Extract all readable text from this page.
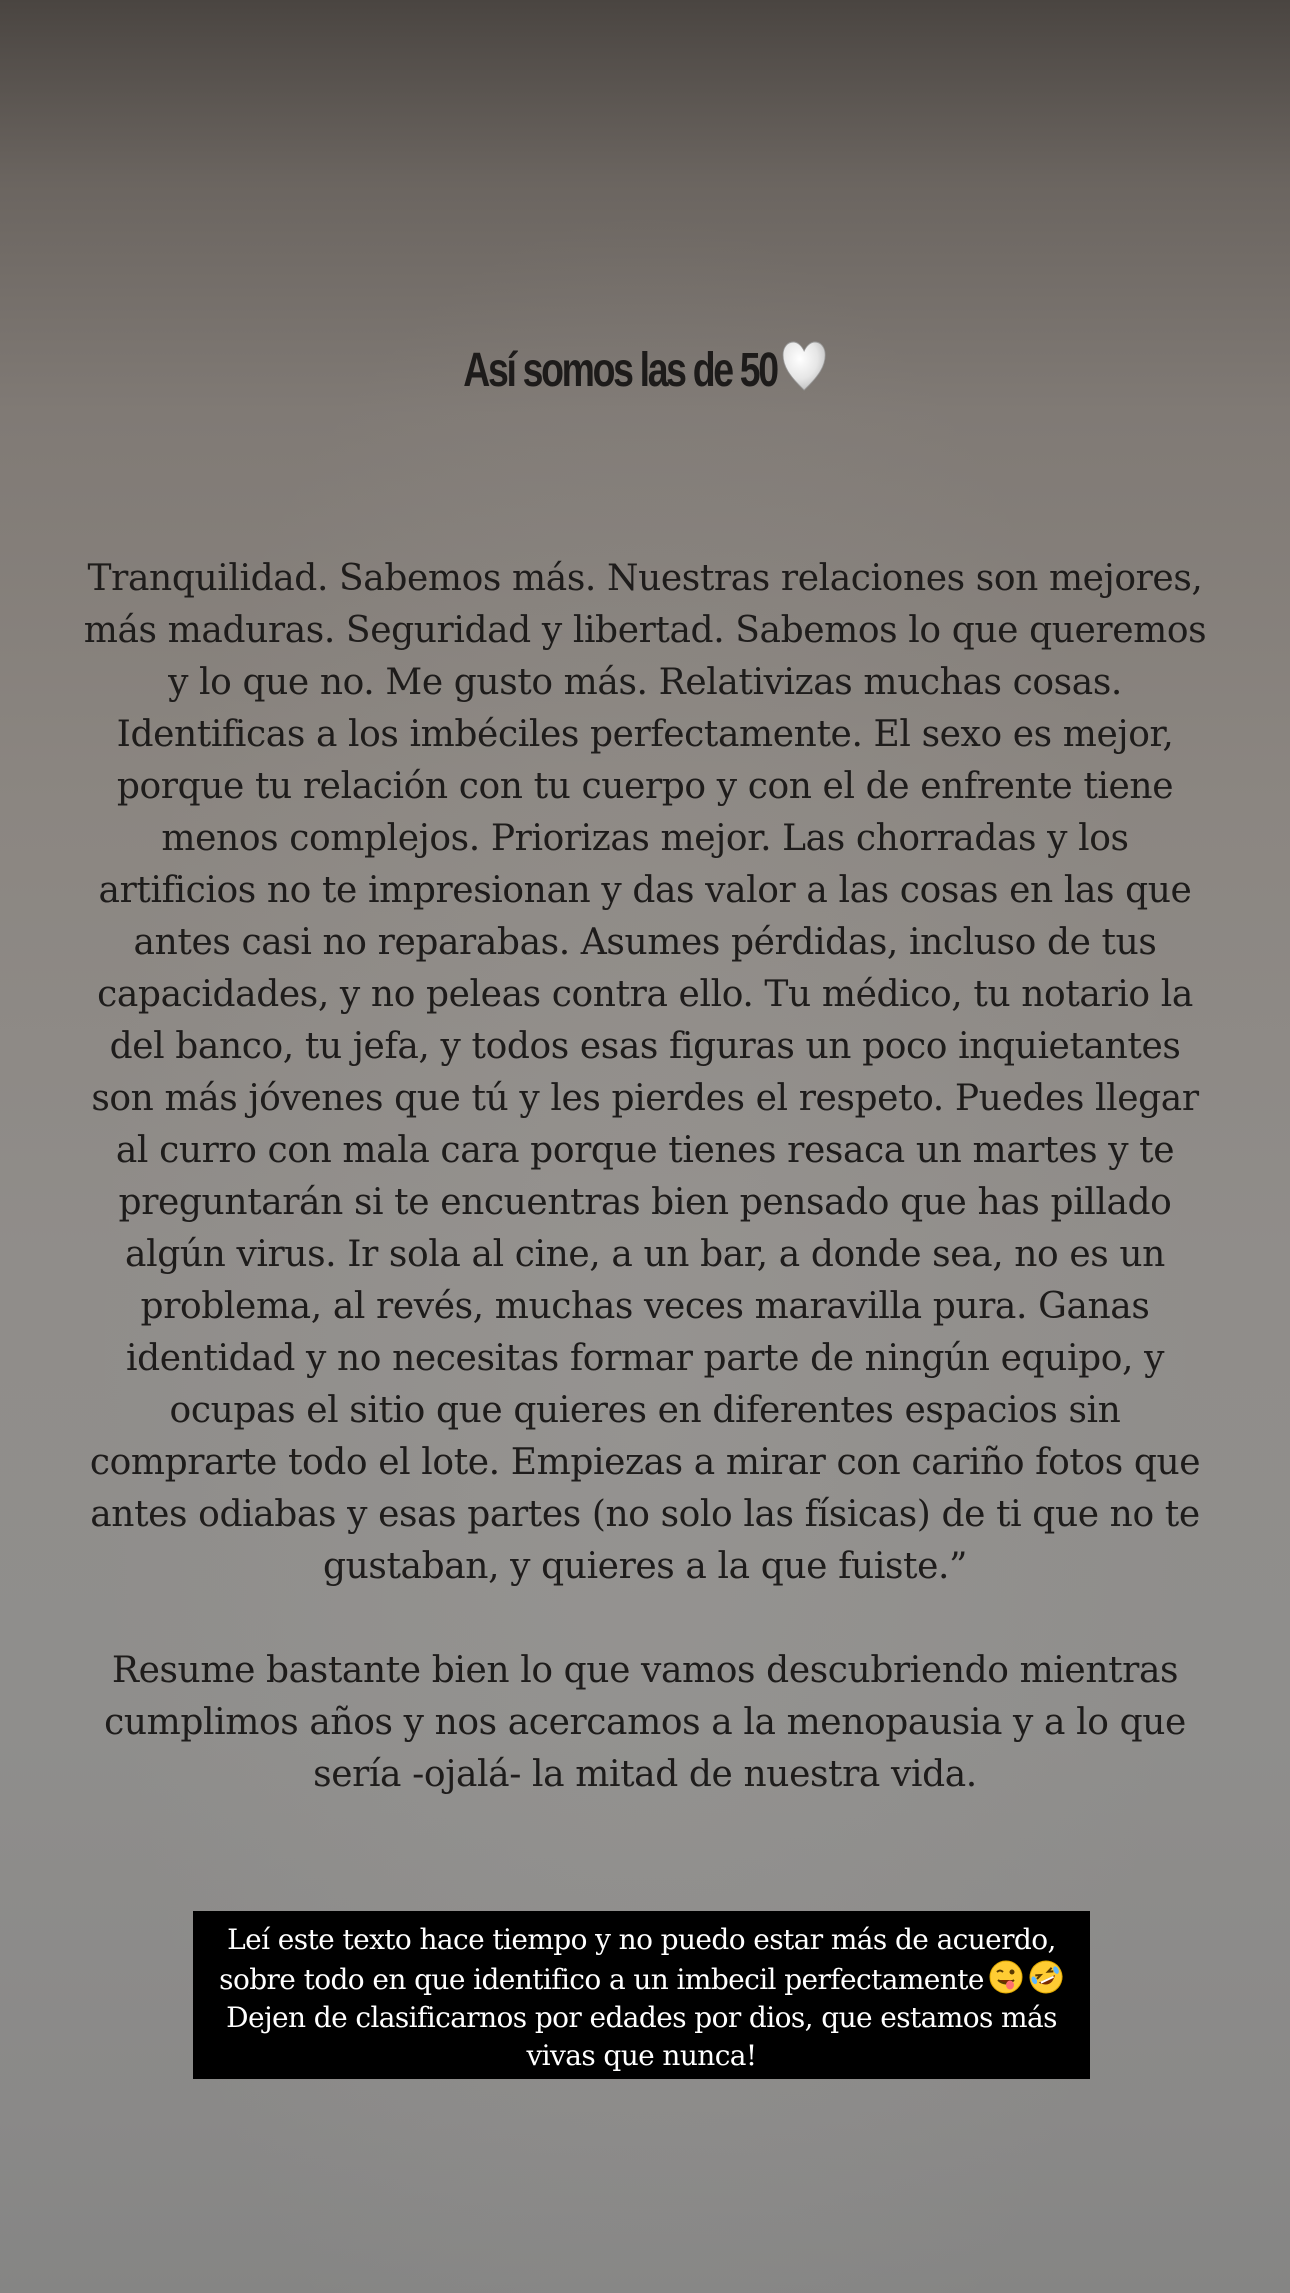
Así somos las de 50
Tranquilidad. Sabemos más. Nuestras relaciones son mejores,
más maduras. Seguridad y libertad. Sabemos lo que queremos
y lo que no. Me gusto más. Relativizas muchas cosas.
Identificas a los imbéciles perfectamente. El sexo es mejor,
porque tu relación con tu cuerpo y con el de enfrente tiene
menos complejos. Priorizas mejor. Las chorradas y los
artificios no te impresionan y das valor a las cosas en las que
antes casi no reparabas. Asumes pérdidas, incluso de tus
capacidades, y no peleas contra ello. Tu médico, tu notario la
del banco, tu jefa, y todos esas figuras un poco inquietantes
son más jóvenes que tú y les pierdes el respeto. Puedes llegar
al curro con mala cara porque tienes resaca un martes y te
preguntarán si te encuentras bien pensado que has pillado
algún virus. Ir sola al cine, a un bar, a donde sea, no es un
problema, al revés, muchas veces maravilla pura. Ganas
identidad y no necesitas formar parte de ningún equipo, y
ocupas el sitio que quieres en diferentes espacios sin
comprarte todo el lote. Empiezas a mirar con cariño fotos que
antes odiabas y esas partes (no solo las físicas) de ti que no te
gustaban, y quieres a la que fuiste.”
Resume bastante bien lo que vamos descubriendo mientras
cumplimos años y nos acercamos a la menopausia y a lo que
sería -ojalá- la mitad de nuestra vida.
Leí este texto hace tiempo y no puedo estar más de acuerdo,
sobre todo en que identifico a un imbecil perfectamente
Dejen de clasificarnos por edades por dios, que estamos más
vivas que nunca!
